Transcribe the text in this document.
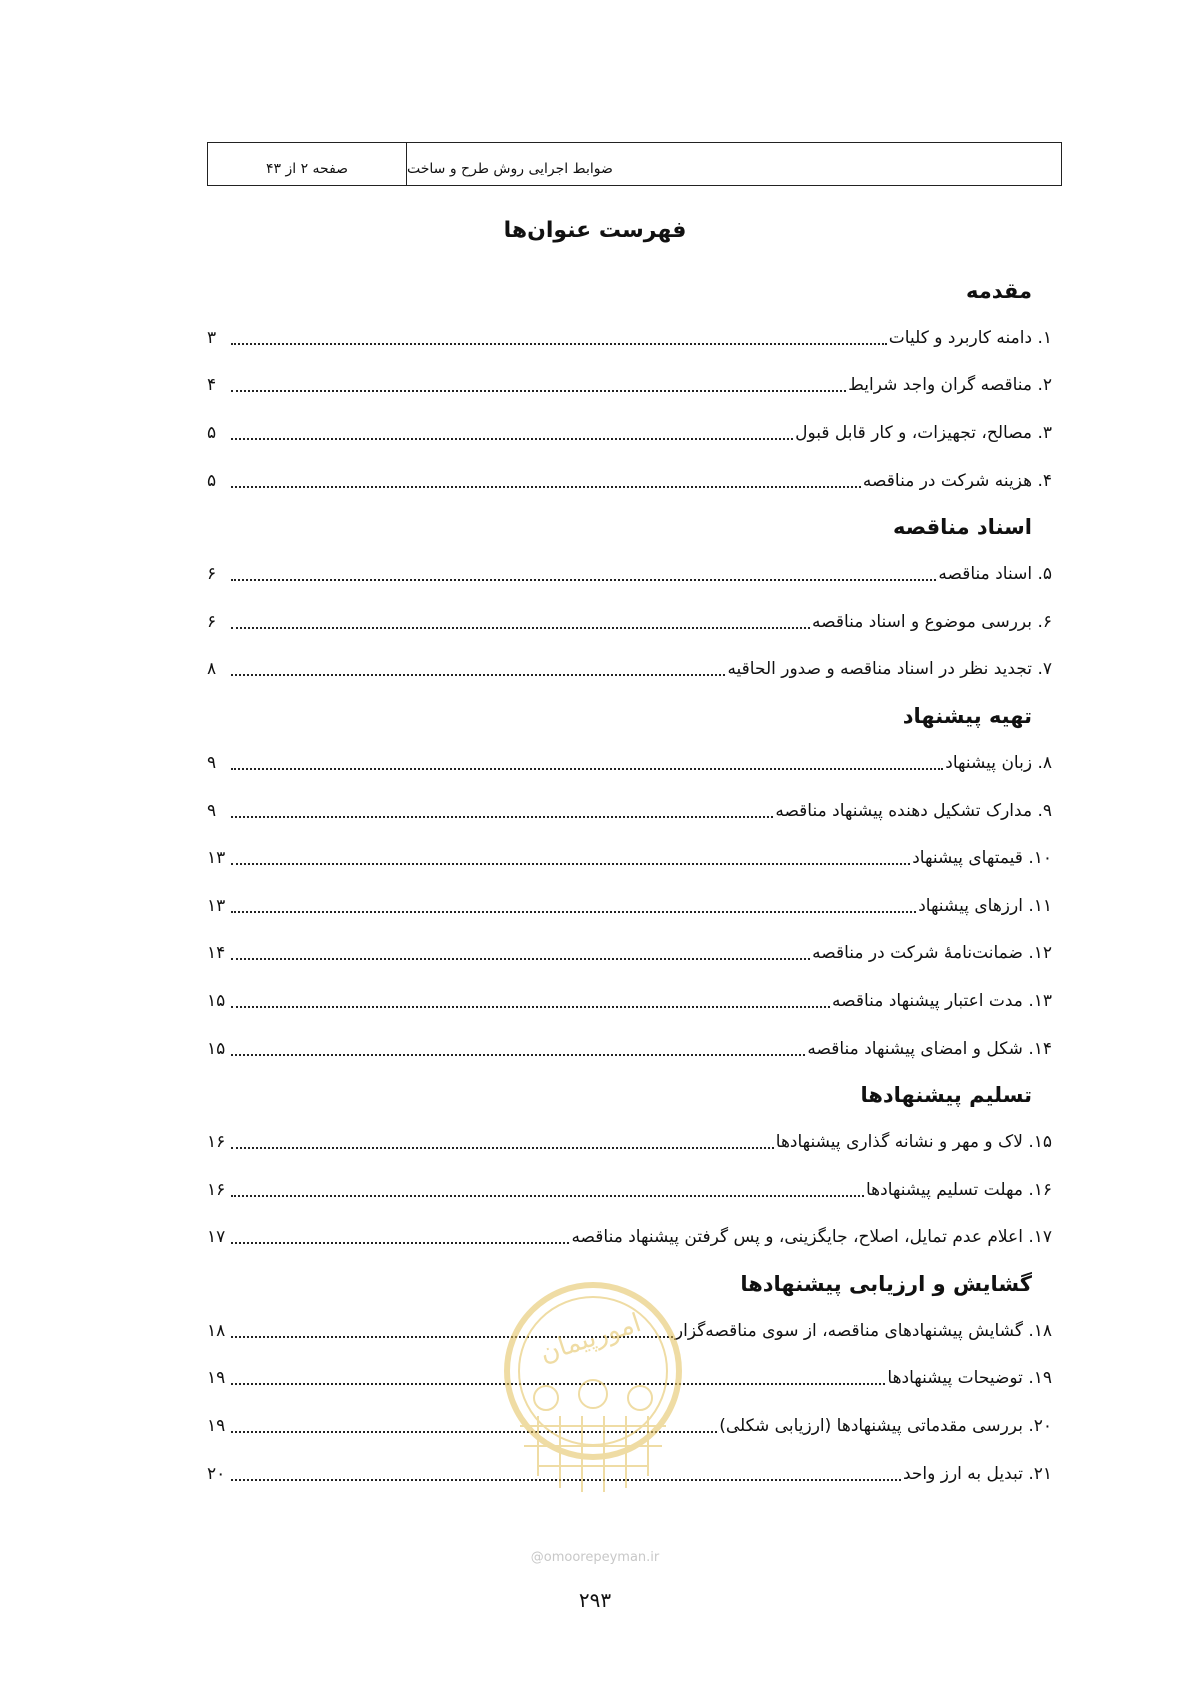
صفحه ۲ از ۴۳	ضوابط اجرایی روش طرح و ساخت
فهرست عنوان‌ها
مقدمه
۱. دامنه کاربرد و کلیات
۳
۲. مناقصه گران واجد شرایط
۴
۳. مصالح، تجهیزات، و کار قابل قبول
۵
۴. هزینه شرکت در مناقصه
۵
اسناد مناقصه
۵. اسناد مناقصه
۶
۶. بررسی موضوع و اسناد مناقصه
۶
۷. تجدید نظر در اسناد مناقصه و صدور الحاقیه
۸
تهیه پیشنهاد
۸. زبان پیشنهاد
۹
۹. مدارک تشکیل دهنده پیشنهاد مناقصه
۹
۱۰. قیمتهای پیشنهاد
۱۳
۱۱. ارزهای پیشنهاد
۱۳
۱۲. ضمانت‌نامهٔ شرکت در مناقصه
۱۴
۱۳. مدت اعتبار پیشنهاد مناقصه
۱۵
۱۴. شکل و امضای پیشنهاد مناقصه
۱۵
تسلیم پیشنهادها
۱۵. لاک و مهر و نشانه گذاری پیشنهادها
۱۶
۱۶. مهلت تسلیم پیشنهادها
۱۶
۱۷. اعلام عدم تمایل، اصلاح، جایگزینی، و پس گرفتن پیشنهاد مناقصه
۱۷
گشایش و ارزیابی پیشنهادها
۱۸. گشایش پیشنهادهای مناقصه، از سوی مناقصه‌گزار
۱۸
۱۹. توضیحات پیشنهادها
۱۹
۲۰. بررسی مقدماتی پیشنهادها (ارزیابی شکلی)
۱۹
۲۱. تبدیل به ارز واحد
۲۰
امورپیمان
@omoorepeyman.ir
۲۹۳
